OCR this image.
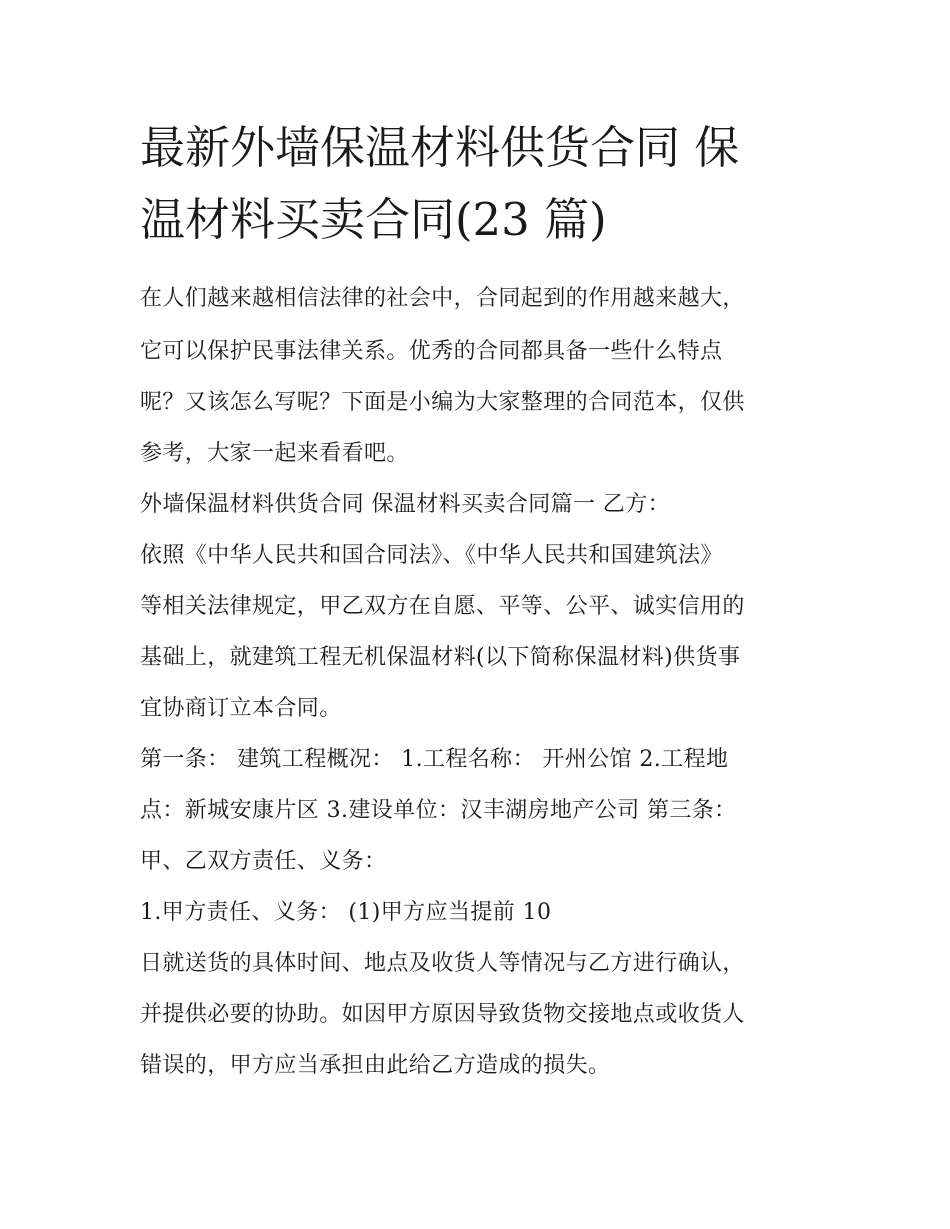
最新外墙保温材料供货合同 保
温材料买卖合同(23 篇)

在人们越来越相信法律的社会中，合同起到的作用越来越大，

它可以保护民事法律关系。优秀的合同都具备一些什么特点

呢？又该怎么写呢？下面是小编为大家整理的合同范本，仅供

参考，大家一起来看看吧。

外墙保温材料供货合同 保温材料买卖合同篇一 乙方：

依照《中华人民共和国合同法》、《中华人民共和国建筑法》

等相关法律规定，甲乙双方在自愿、平等、公平、诚实信用的

基础上，就建筑工程无机保温材料(以下简称保温材料)供货事

宜协商订立本合同。

第一条： 建筑工程概况： 1.工程名称： 开州公馆 2.工程地

点：新城安康片区 3.建设单位：汉丰湖房地产公司 第三条：

甲、乙双方责任、义务：

1.甲方责任、义务： (1)甲方应当提前 10

日就送货的具体时间、地点及收货人等情况与乙方进行确认，

并提供必要的协助。如因甲方原因导致货物交接地点或收货人

错误的，甲方应当承担由此给乙方造成的损失。
